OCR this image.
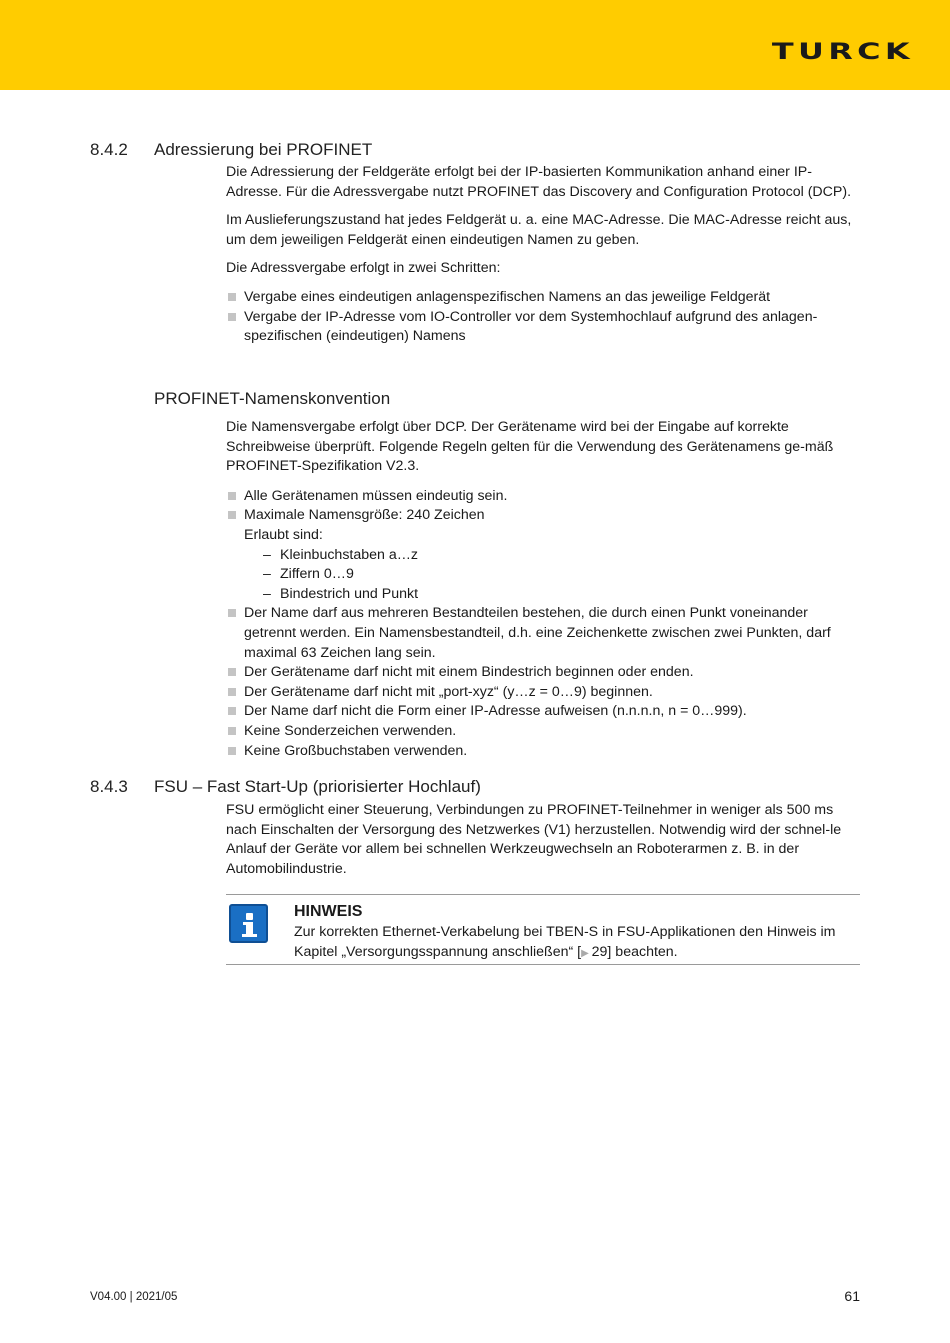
TURCK
8.4.2 Adressierung bei PROFINET

Die Adressierung der Feldgeräte erfolgt bei der IP-basierten Kommunikation anhand einer IP-Adresse. Für die Adressvergabe nutzt PROFINET das Discovery and Configuration Protocol (DCP).

Im Auslieferungszustand hat jedes Feldgerät u. a. eine MAC-Adresse. Die MAC-Adresse reicht aus, um dem jeweiligen Feldgerät einen eindeutigen Namen zu geben.

Die Adressvergabe erfolgt in zwei Schritten:

Vergabe eines eindeutigen anlagenspezifischen Namens an das jeweilige Feldgerät
Vergabe der IP-Adresse vom IO-Controller vor dem Systemhochlauf aufgrund des anlagen-spezifischen (eindeutigen) Namens
PROFINET-Namenskonvention

Die Namensvergabe erfolgt über DCP. Der Gerätename wird bei der Eingabe auf korrekte Schreibweise überprüft. Folgende Regeln gelten für die Verwendung des Gerätenamens ge-mäß PROFINET-Spezifikation V2.3.

Alle Gerätenamen müssen eindeutig sein.
Maximale Namensgröße: 240 Zeichen
Erlaubt sind:
– Kleinbuchstaben a…z
– Ziffern 0…9
– Bindestrich und Punkt
Der Name darf aus mehreren Bestandteilen bestehen, die durch einen Punkt voneinander getrennt werden. Ein Namensbestandteil, d.h. eine Zeichenkette zwischen zwei Punkten, darf maximal 63 Zeichen lang sein.
Der Gerätename darf nicht mit einem Bindestrich beginnen oder enden.
Der Gerätename darf nicht mit „port-xyz“ (y…z = 0…9) beginnen.
Der Name darf nicht die Form einer IP-Adresse aufweisen (n.n.n.n, n = 0…999).
Keine Sonderzeichen verwenden.
Keine Großbuchstaben verwenden.
8.4.3 FSU – Fast Start-Up (priorisierter Hochlauf)

FSU ermöglicht einer Steuerung, Verbindungen zu PROFINET-Teilnehmer in weniger als 500 ms nach Einschalten der Versorgung des Netzwerkes (V1) herzustellen. Notwendig wird der schnel-le Anlauf der Geräte vor allem bei schnellen Werkzeugwechseln an Roboterarmen z. B. in der Automobilindustrie.

HINWEIS
Zur korrekten Ethernet-Verkabelung bei TBEN-S in FSU-Applikationen den Hinweis im Kapitel „Versorgungsspannung anschließen“ [▶  29] beachten.
V04.00 | 2021/05	61
